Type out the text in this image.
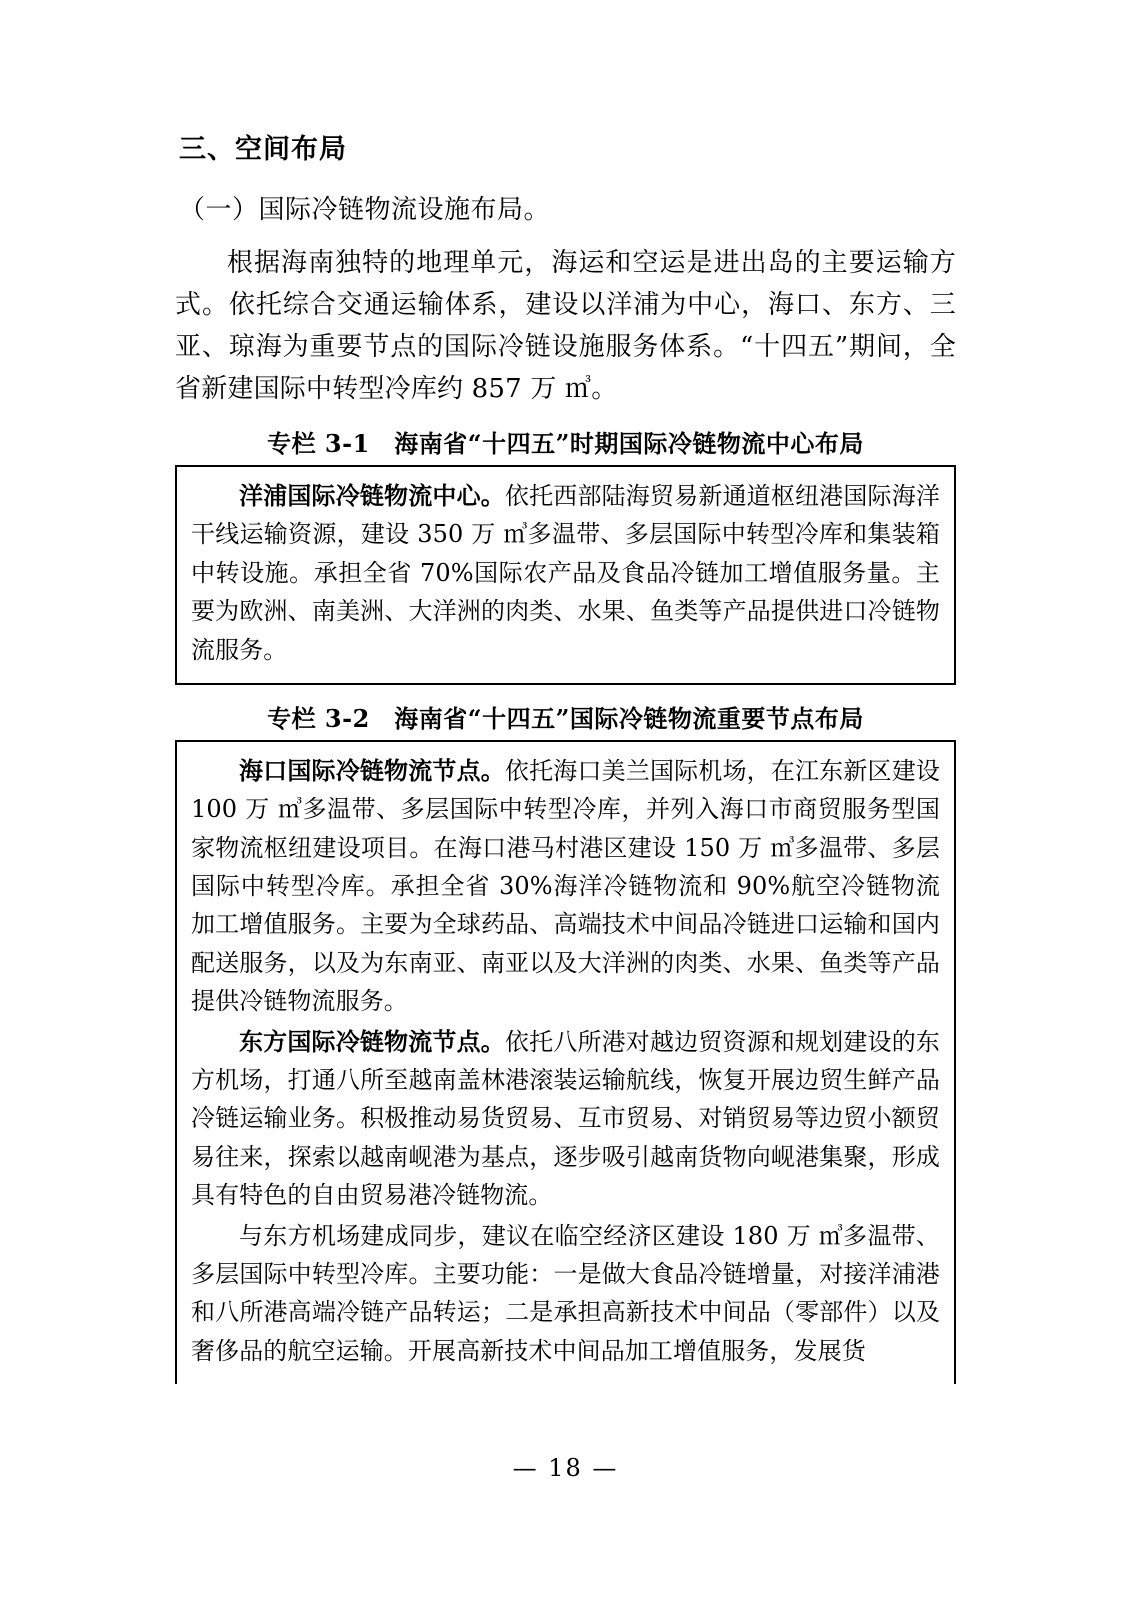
三、空间布局
（一）国际冷链物流设施布局。

根据海南独特的地理单元，海运和空运是进出岛的主要运输方式。依托综合交通运输体系，建设以洋浦为中心，海口、东方、三亚、琼海为重要节点的国际冷链设施服务体系。“十四五”期间，全省新建国际中转型冷库约 857 万 ㎥。

专栏 3-1　海南省“十四五”时期国际冷链物流中心布局

洋浦国际冷链物流中心。依托西部陆海贸易新通道枢纽港国际海洋干线运输资源，建设 350 万 ㎥多温带、多层国际中转型冷库和集装箱中转设施。承担全省 70%国际农产品及食品冷链加工增值服务量。主要为欧洲、南美洲、大洋洲的肉类、水果、鱼类等产品提供进口冷链物流服务。

专栏 3-2　海南省“十四五”国际冷链物流重要节点布局

海口国际冷链物流节点。依托海口美兰国际机场，在江东新区建设 100 万 ㎥多温带、多层国际中转型冷库，并列入海口市商贸服务型国家物流枢纽建设项目。在海口港马村港区建设 150 万 ㎥多温带、多层国际中转型冷库。承担全省 30%海洋冷链物流和 90%航空冷链物流加工增值服务。主要为全球药品、高端技术中间品冷链进口运输和国内配送服务，以及为东南亚、南亚以及大洋洲的肉类、水果、鱼类等产品提供冷链物流服务。

东方国际冷链物流节点。依托八所港对越边贸资源和规划建设的东方机场，打通八所至越南盖林港滚装运输航线，恢复开展边贸生鲜产品冷链运输业务。积极推动易货贸易、互市贸易、对销贸易等边贸小额贸易往来，探索以越南岘港为基点，逐步吸引越南货物向岘港集聚，形成具有特色的自由贸易港冷链物流。

与东方机场建成同步，建议在临空经济区建设 180 万 ㎥多温带、多层国际中转型冷库。主要功能：一是做大食品冷链增量，对接洋浦港和八所港高端冷链产品转运；二是承担高新技术中间品（零部件）以及奢侈品的航空运输。开展高新技术中间品加工增值服务，发展货

— 18 —
